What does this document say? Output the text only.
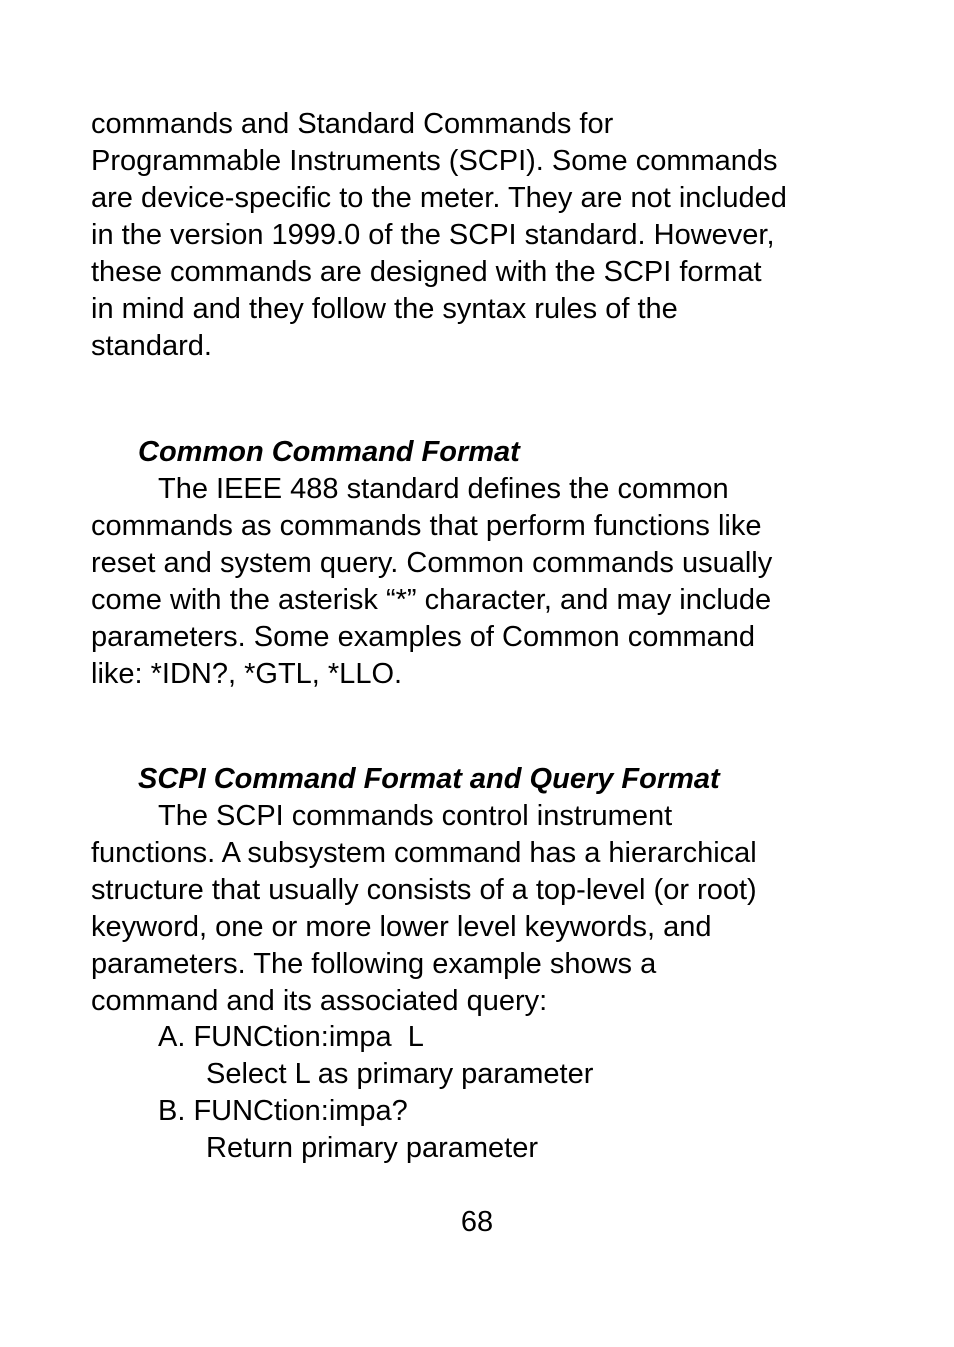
commands and Standard Commands for
Programmable Instruments (SCPI). Some commands
are device-specific to the meter. They are not included
in the version 1999.0 of the SCPI standard. However,
these commands are designed with the SCPI format
in mind and they follow the syntax rules of the
standard.
Common Command Format
The IEEE 488 standard defines the common
commands as commands that perform functions like
reset and system query. Common commands usually
come with the asterisk “*” character, and may include
parameters. Some examples of Common command
like: *IDN?, *GTL, *LLO.
SCPI Command Format and Query Format
The SCPI commands control instrument
functions. A subsystem command has a hierarchical
structure that usually consists of a top-level (or root)
keyword, one or more lower level keywords, and
parameters. The following example shows a
command and its associated query:
A. FUNCtion:impa  L
Select L as primary parameter
B. FUNCtion:impa?
Return primary parameter
68
